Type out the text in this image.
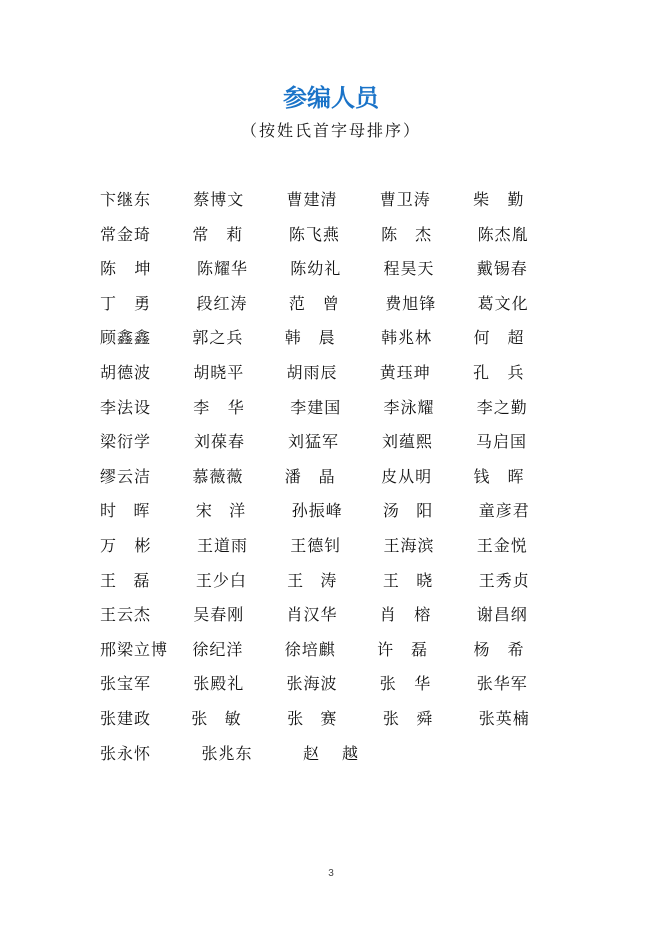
参编人员
（按姓氏首字母排序）
卞继东	蔡博文	曹建清	曹卫涛	柴 勤
常金琦	常 莉	陈飞燕	陈 杰	陈杰胤
陈 坤	陈耀华	陈幼礼	程昊天	戴锡春
丁 勇	段红涛	范 曾	费旭锋	葛文化
顾鑫鑫	郭之兵	韩 晨	韩兆林	何 超
胡德波	胡晓平	胡雨辰	黄珏珅	孔 兵
李法设	李 华	李建国	李泳耀	李之勤
梁衍学	刘葆春	刘猛军	刘蕴熙	马启国
缪云洁	慕薇薇	潘 晶	皮从明	钱 晖
时 晖	宋 洋	孙振峰	汤 阳	童彦君
万 彬	王道雨	王德钊	王海滨	王金悦
王 磊	王少白	王 涛	王 晓	王秀贞
王云杰	吴春刚	肖汉华	肖 榕	谢昌纲
邢梁立博	徐纪洋	徐培麒	许 磊	杨 希
张宝军	张殿礼	张海波	张 华	张华军
张建政	张 敏	张 赛	张 舜	张英楠
张永怀	张兆东	赵 越
3
